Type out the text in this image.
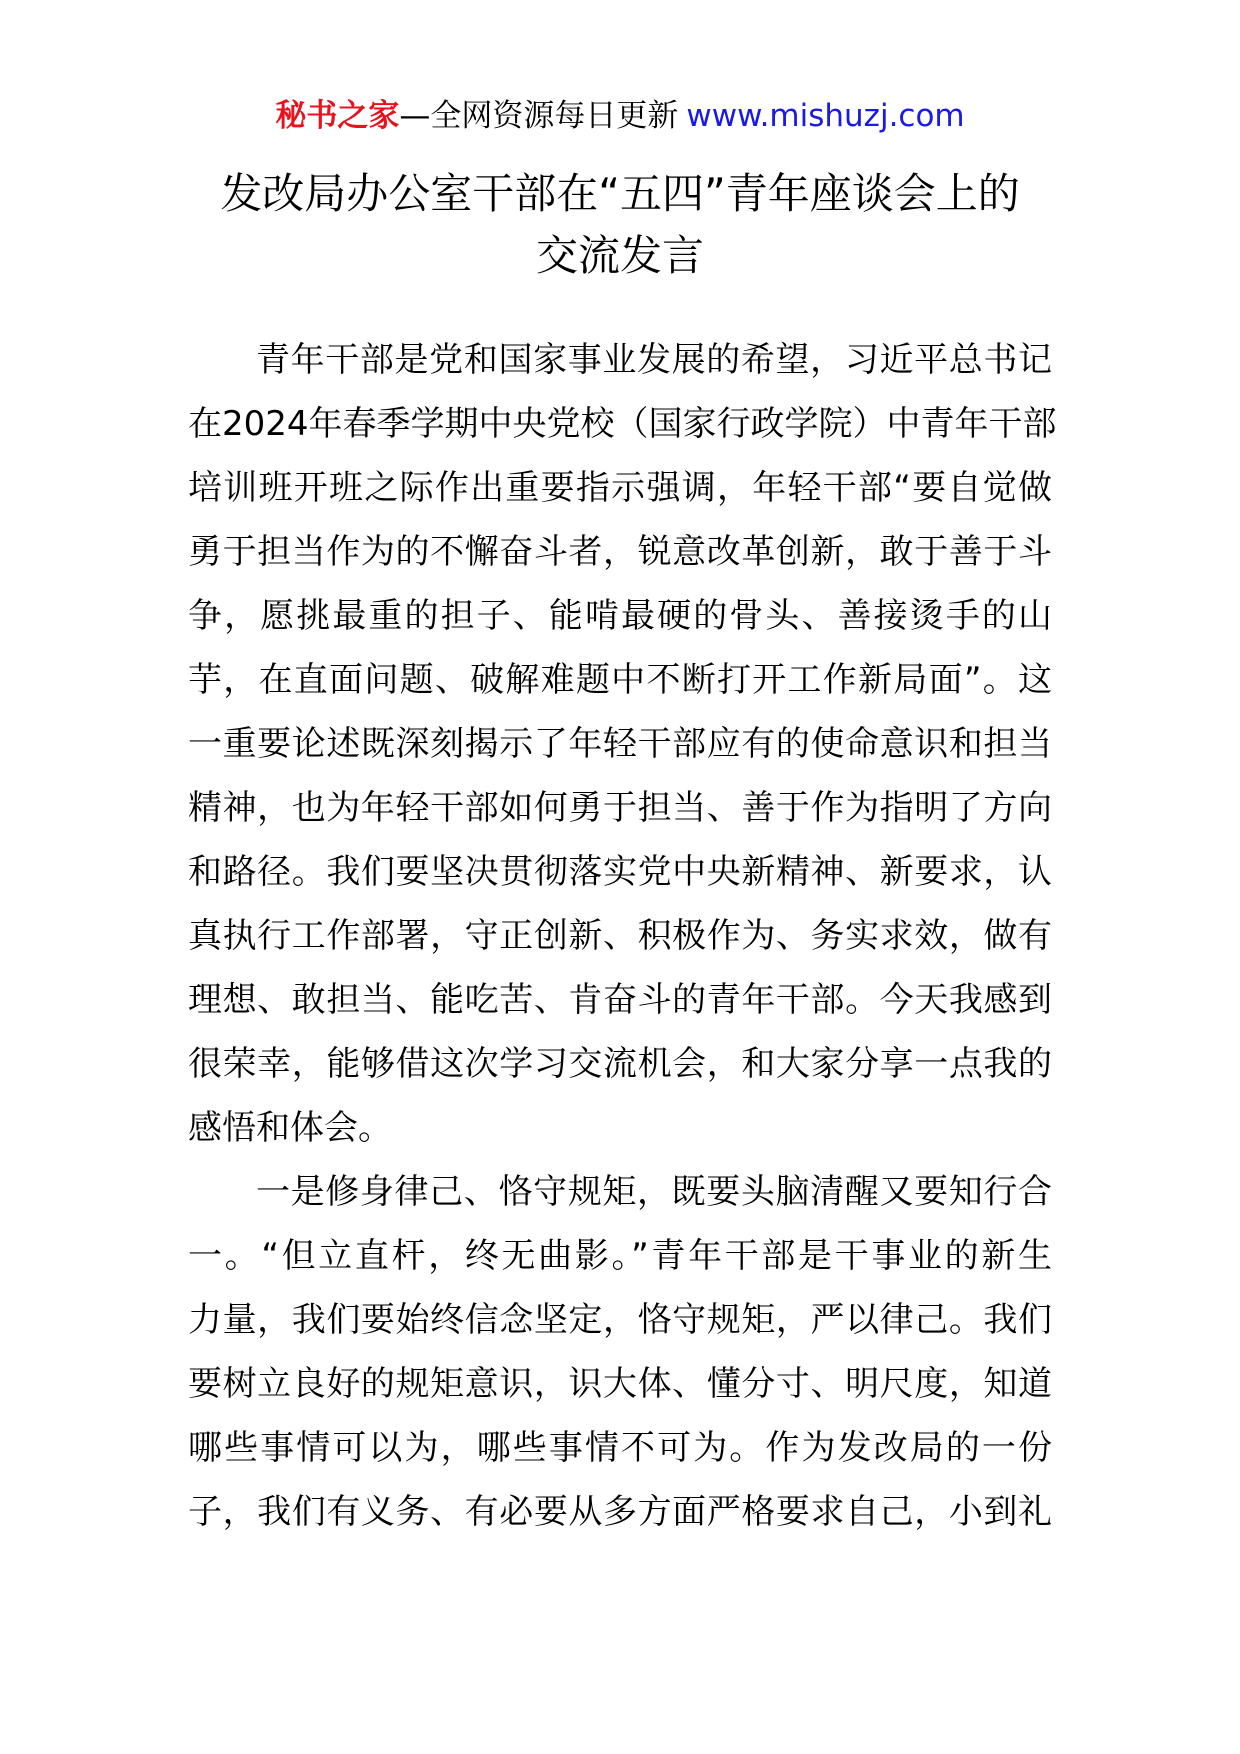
秘书之家—全网资源每日更新 www.mishuzj.com
发改局办公室干部在“五四”青年座谈会上的
交流发言
青年干部是党和国家事业发展的希望，习近平总书记
在2024年春季学期中央党校（国家行政学院）中青年干部
培训班开班之际作出重要指示强调，年轻干部“要自觉做
勇于担当作为的不懈奋斗者，锐意改革创新，敢于善于斗
争，愿挑最重的担子、能啃最硬的骨头、善接烫手的山
芋，在直面问题、破解难题中不断打开工作新局面”。这
一重要论述既深刻揭示了年轻干部应有的使命意识和担当
精神，也为年轻干部如何勇于担当、善于作为指明了方向
和路径。我们要坚决贯彻落实党中央新精神、新要求，认
真执行工作部署，守正创新、积极作为、务实求效，做有
理想、敢担当、能吃苦、肯奋斗的青年干部。今天我感到
很荣幸，能够借这次学习交流机会，和大家分享一点我的
感悟和体会。
一是修身律己、恪守规矩，既要头脑清醒又要知行合
一。“但立直杆，终无曲影。”青年干部是干事业的新生
力量，我们要始终信念坚定，恪守规矩，严以律己。我们
要树立良好的规矩意识，识大体、懂分寸、明尺度，知道
哪些事情可以为，哪些事情不可为。作为发改局的一份
子，我们有义务、有必要从多方面严格要求自己，小到礼
